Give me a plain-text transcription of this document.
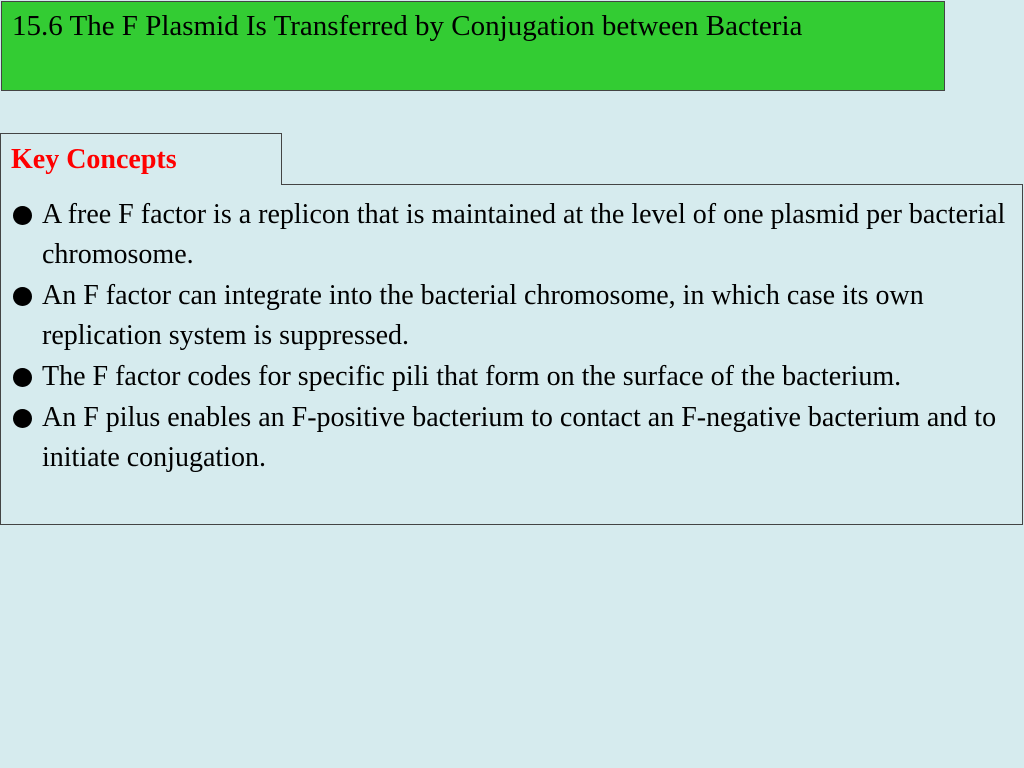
15.6 The F Plasmid Is Transferred by Conjugation between Bacteria
Key Concepts
A free F factor is a replicon that is maintained at the level of one plasmid per bacterial chromosome.
An F factor can integrate into the bacterial chromosome, in which case its own replication system is suppressed.
The F factor codes for specific pili that form on the surface of the bacterium.
An F pilus enables an F-positive bacterium to contact an F-negative bacterium and to initiate conjugation.
